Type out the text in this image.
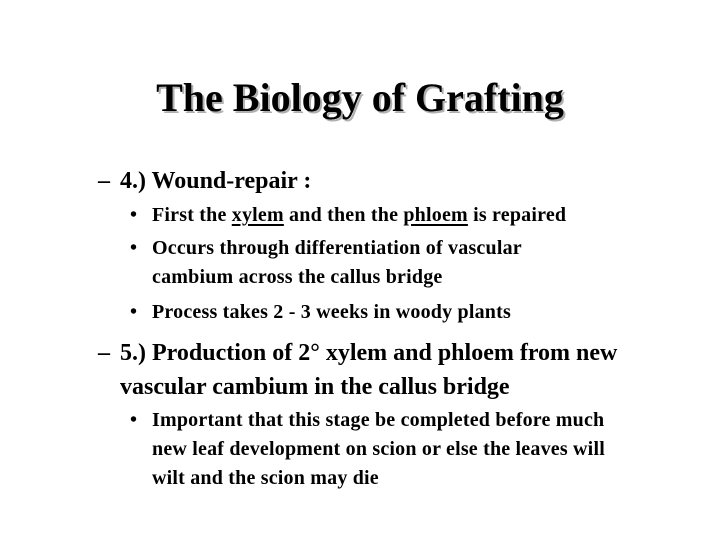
The Biology of Grafting
– 4.) Wound-repair :
• First the xylem and then the phloem is repaired
• Occurs through differentiation of vascular cambium across the callus bridge
• Process takes 2 - 3 weeks in woody plants
– 5.) Production of 2° xylem and phloem from new vascular cambium in the callus bridge
• Important that this stage be completed before much new leaf development on scion or else the leaves will wilt and the scion may die
